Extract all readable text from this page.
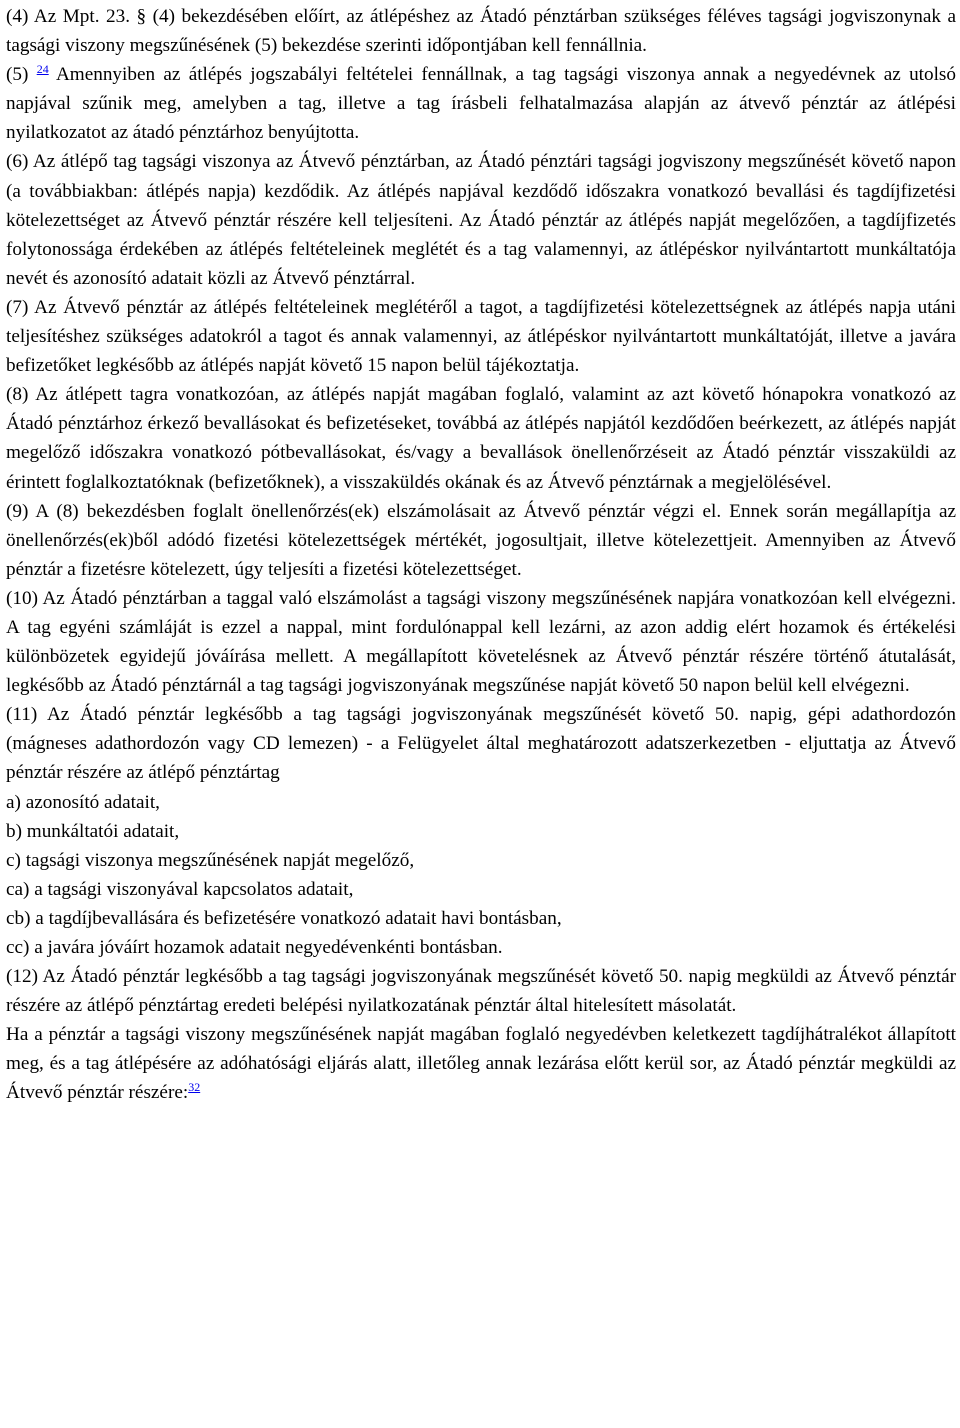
(4) Az Mpt. 23. § (4) bekezdésében előírt, az átlépéshez az Átadó pénztárban szükséges féléves tagsági jogviszonynak a tagsági viszony megszűnésének (5) bekezdése szerinti időpontjában kell fennállnia.

(5) $^{24}$ Amennyiben az átlépés jogszabályi feltételei fennállnak, a tag tagsági viszonya annak a negyedévnek az utolsó napjával szűnik meg, amelyben a tag, illetve a tag írásbeli felhatalmazása alapján az átvevő pénztár az átlépési nyilatkozatot az átadó pénztárhoz benyújtotta.

(6) Az átlépő tag tagsági viszonya az Átvevő pénztárban, az Átadó pénztári tagsági jogviszony megszűnését követő napon (a továbbiakban: átlépés napja) kezdődik. Az átlépés napjával kezdődő időszakra vonatkozó bevallási és tagdíjfizetési kötelezettséget az Átvevő pénztár részére kell teljesíteni. Az Átadó pénztár az átlépés napját megelőzően, a tagdíjfizetés folytonossága érdekében az átlépés feltételeinek meglétét és a tag valamennyi, az átlépéskor nyilvántartott munkáltatója nevét és azonosító adatait közli az Átvevő pénztárral.

(7) Az Átvevő pénztár az átlépés feltételeinek meglétéről a tagot, a tagdíjfizetési kötelezettségnek az átlépés napja utáni teljesítéshez szükséges adatokról a tagot és annak valamennyi, az átlépéskor nyilvántartott munkáltatóját, illetve a javára befizetőket legkésőbb az átlépés napját követő 15 napon belül tájékoztatja.

(8) Az átlépett tagra vonatkozóan, az átlépés napját magában foglaló, valamint az azt követő hónapokra vonatkozó az Átadó pénztárhoz érkező bevallásokat és befizetéseket, továbbá az átlépés napjától kezdődően beérkezett, az átlépés napját megelőző időszakra vonatkozó pótbevallásokat, és/vagy a bevallások önellenőrzéseit az Átadó pénztár visszaküldi az érintett foglalkoztatóknak (befizetőknek), a visszaküldés okának és az Átvevő pénztárnak a megjelölésével.

(9) A (8) bekezdésben foglalt önellenőrzés(ek) elszámolásait az Átvevő pénztár végzi el. Ennek során megállapítja az önellenőrzés(ek)ből adódó fizetési kötelezettségek mértékét, jogosultjait, illetve kötelezettjeit. Amennyiben az Átvevő pénztár a fizetésre kötelezett, úgy teljesíti a fizetési kötelezettséget.

(10) Az Átadó pénztárban a taggal való elszámolást a tagsági viszony megszűnésének napjára vonatkozóan kell elvégezni. A tag egyéni számláját is ezzel a nappal, mint fordulónappal kell lezárni, az azon addig elért hozamok és értékelési különbözetek egyidejű jóváírása mellett. A megállapított követelésnek az Átvevő pénztár részére történő átutalását, legkésőbb az Átadó pénztárnál a tag tagsági jogviszonyának megszűnése napját követő 50 napon belül kell elvégezni.

(11) Az Átadó pénztár legkésőbb a tag tagsági jogviszonyának megszűnését követő 50. napig, gépi adathordozón (mágneses adathordozón vagy CD lemezen) - a Felügyelet által meghatározott adatszerkezetben - eljuttatja az Átvevő pénztár részére az átlépő pénztártag

a) azonosító adatait,

b) munkáltatói adatait,

c) tagsági viszonya megszűnésének napját megelőző,

ca) a tagsági viszonyával kapcsolatos adatait,

cb) a tagdíjbevallására és befizetésére vonatkozó adatait havi bontásban,

cc) a javára jóváírt hozamok adatait negyedévenkénti bontásban.

(12) Az Átadó pénztár legkésőbb a tag tagsági jogviszonyának megszűnését követő 50. napig megküldi az Átvevő pénztár részére az átlépő pénztártag eredeti belépési nyilatkozatának pénztár által hitelesített másolatát.

Ha a pénztár a tagsági viszony megszűnésének napját magában foglaló negyedévben keletkezett tagdíjhátralékot állapított meg, és a tag átlépésére az adóhatósági eljárás alatt, illetőleg annak lezárása előtt kerül sor, az Átadó pénztár megküldi az Átvevő pénztár részére:$^{32}$
